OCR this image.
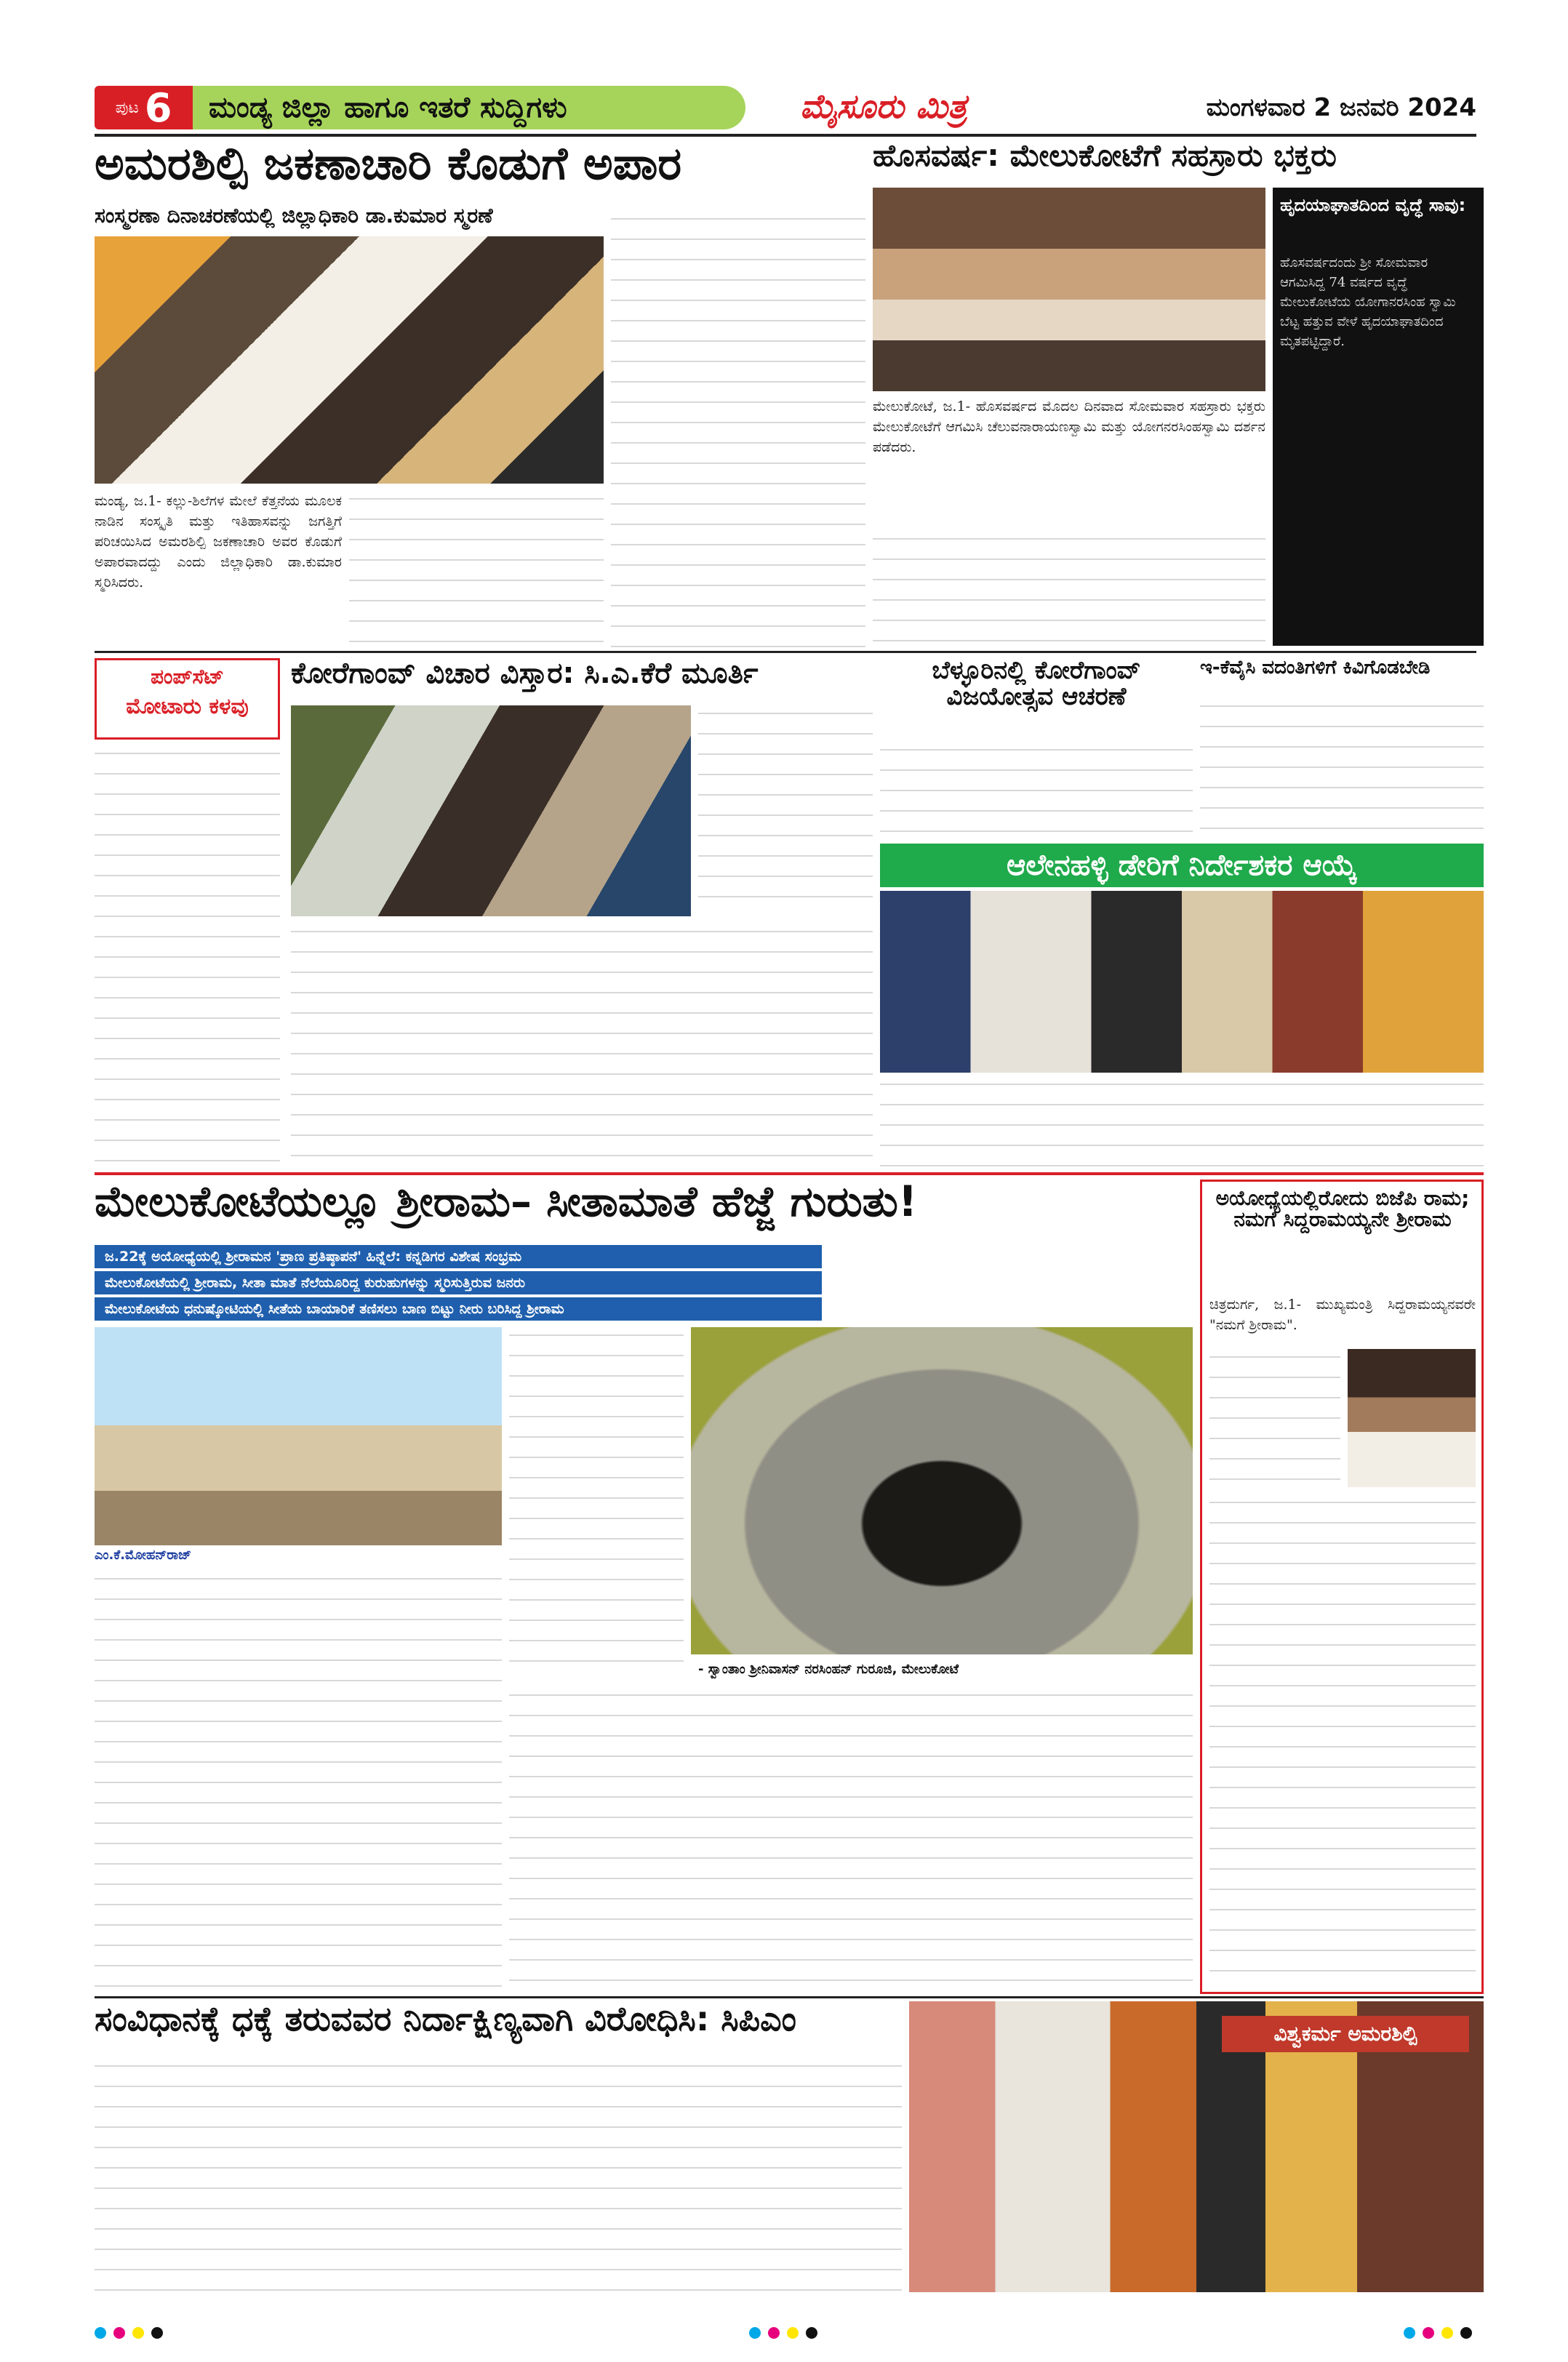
ಪುಟ 6	ಮಂಡ್ಯ ಜಿಲ್ಲಾ ಹಾಗೂ ಇತರೆ ಸುದ್ದಿಗಳು	ಮೈಸೂರು ಮಿತ್ರ	ಮಂಗಳವಾರ 2 ಜನವರಿ 2024
ಅಮರಶಿಲ್ಪಿ ಜಕಣಾಚಾರಿ ಕೊಡುಗೆ ಅಪಾರ
ಸಂಸ್ಮರಣಾ ದಿನಾಚರಣೆಯಲ್ಲಿ ಜಿಲ್ಲಾಧಿಕಾರಿ ಡಾ.ಕುಮಾರ ಸ್ಮರಣೆ
ಮಂಡ್ಯ, ಜ.1- ಕಲ್ಲು-ಶಿಲೆಗಳ ಮೇಲೆ ಕೆತ್ತನೆಯ ಮೂಲಕ ನಾಡಿನ ಸಂಸ್ಕೃತಿ ಮತ್ತು ಇತಿಹಾಸವನ್ನು ಜಗತ್ತಿಗೆ ಪರಿಚಯಿಸಿದ ಅಮರಶಿಲ್ಪಿ ಜಕಣಾಚಾರಿ ಅವರ ಕೊಡುಗೆ ಅಪಾರವಾದದ್ದು ಎಂದು ಜಿಲ್ಲಾಧಿಕಾರಿ ಡಾ.ಕುಮಾರ ಸ್ಮರಿಸಿದರು.
ಹೊಸವರ್ಷ: ಮೇಲುಕೋಟೆಗೆ ಸಹಸ್ರಾರು ಭಕ್ತರು
ಮೇಲುಕೋಟೆ, ಜ.1- ಹೊಸವರ್ಷದ ಮೊದಲ ದಿನವಾದ ಸೋಮವಾರ ಸಹಸ್ರಾರು ಭಕ್ತರು ಮೇಲುಕೋಟೆಗೆ ಆಗಮಿಸಿ ಚೆಲುವನಾರಾಯಣಸ್ವಾಮಿ ಮತ್ತು ಯೋಗನರಸಿಂಹಸ್ವಾಮಿ ದರ್ಶನ ಪಡೆದರು.
ಹೃದಯಾಘಾತದಿಂದ ವೃದ್ಧೆ ಸಾವು:
ಹೊಸವರ್ಷದಂದು ಶ್ರೀ ಸೋಮವಾರ ಆಗಮಿಸಿದ್ದ 74 ವರ್ಷದ ವೃದ್ಧೆ ಮೇಲುಕೋಟೆಯ ಯೋಗಾನರಸಿಂಹ ಸ್ವಾಮಿ ಬೆಟ್ಟ ಹತ್ತುವ ವೇಳೆ ಹೃದಯಾಘಾತದಿಂದ ಮೃತಪಟ್ಟಿದ್ದಾರೆ.
ಪಂಪ್‌ಸೆಟ್
ಮೋಟಾರು ಕಳವು
ಕೋರೆಗಾಂವ್ ವಿಚಾರ ವಿಸ್ತಾರ: ಸಿ.ಎ.ಕೆರೆ ಮೂರ್ತಿ	ಬೆಳ್ಳೂರಿನಲ್ಲಿ ಕೋರೆಗಾಂವ್
ವಿಜಯೋತ್ಸವ ಆಚರಣೆ
ಇ-ಕೆವೈಸಿ ವದಂತಿಗಳಿಗೆ ಕಿವಿಗೊಡಬೇಡಿ
ಆಲೇನಹಳ್ಳಿ ಡೇರಿಗೆ ನಿರ್ದೇಶಕರ ಆಯ್ಕೆ
ಮೇಲುಕೋಟೆಯಲ್ಲೂ ಶ್ರೀರಾಮ– ಸೀತಾಮಾತೆ ಹೆಜ್ಜೆ ಗುರುತು!
ಜ.22ಕ್ಕೆ ಅಯೋಧ್ಯೆಯಲ್ಲಿ ಶ್ರೀರಾಮನ 'ಪ್ರಾಣ ಪ್ರತಿಷ್ಠಾಪನೆ' ಹಿನ್ನೆಲೆ: ಕನ್ನಡಿಗರ ವಿಶೇಷ ಸಂಭ್ರಮ
ಮೇಲುಕೋಟೆಯಲ್ಲಿ ಶ್ರೀರಾಮ, ಸೀತಾ ಮಾತೆ ನೆಲೆಯೂರಿದ್ದ ಕುರುಹುಗಳನ್ನು ಸ್ಮರಿಸುತ್ತಿರುವ ಜನರು
ಮೇಲುಕೋಟೆಯ ಧನುಷ್ಕೋಟಿಯಲ್ಲಿ ಸೀತೆಯ ಬಾಯಾರಿಕೆ ತಣಿಸಲು ಬಾಣ ಬಿಟ್ಟು ನೀರು ಬರಿಸಿದ್ದ ಶ್ರೀರಾಮ
ಎಂ.ಕೆ.ಮೋಹನ್‌ರಾಜ್
- ಸ್ವಾಂತಾಂ ಶ್ರೀನಿವಾಸನ್ ನರಸಿಂಹನ್ ಗುರೂಜಿ, ಮೇಲುಕೋಟೆ
ಅಯೋಧ್ಯೆಯಲ್ಲಿರೋದು ಬಿಜೆಪಿ ರಾಮ; ನಮಗೆ ಸಿದ್ದರಾಮಯ್ಯನೇ ಶ್ರೀರಾಮ
ಚಿತ್ರದುರ್ಗ, ಜ.1- ಮುಖ್ಯಮಂತ್ರಿ ಸಿದ್ದರಾಮಯ್ಯನವರೇ "ನಮಗೆ ಶ್ರೀರಾಮ".
ಸಂವಿಧಾನಕ್ಕೆ ಧಕ್ಕೆ ತರುವವರ ನಿರ್ದಾಕ್ಷಿಣ್ಯವಾಗಿ ವಿರೋಧಿಸಿ: ಸಿಪಿಎಂ	ವಿಶ್ವಕರ್ಮ ಅಮರಶಿಲ್ಪಿ
